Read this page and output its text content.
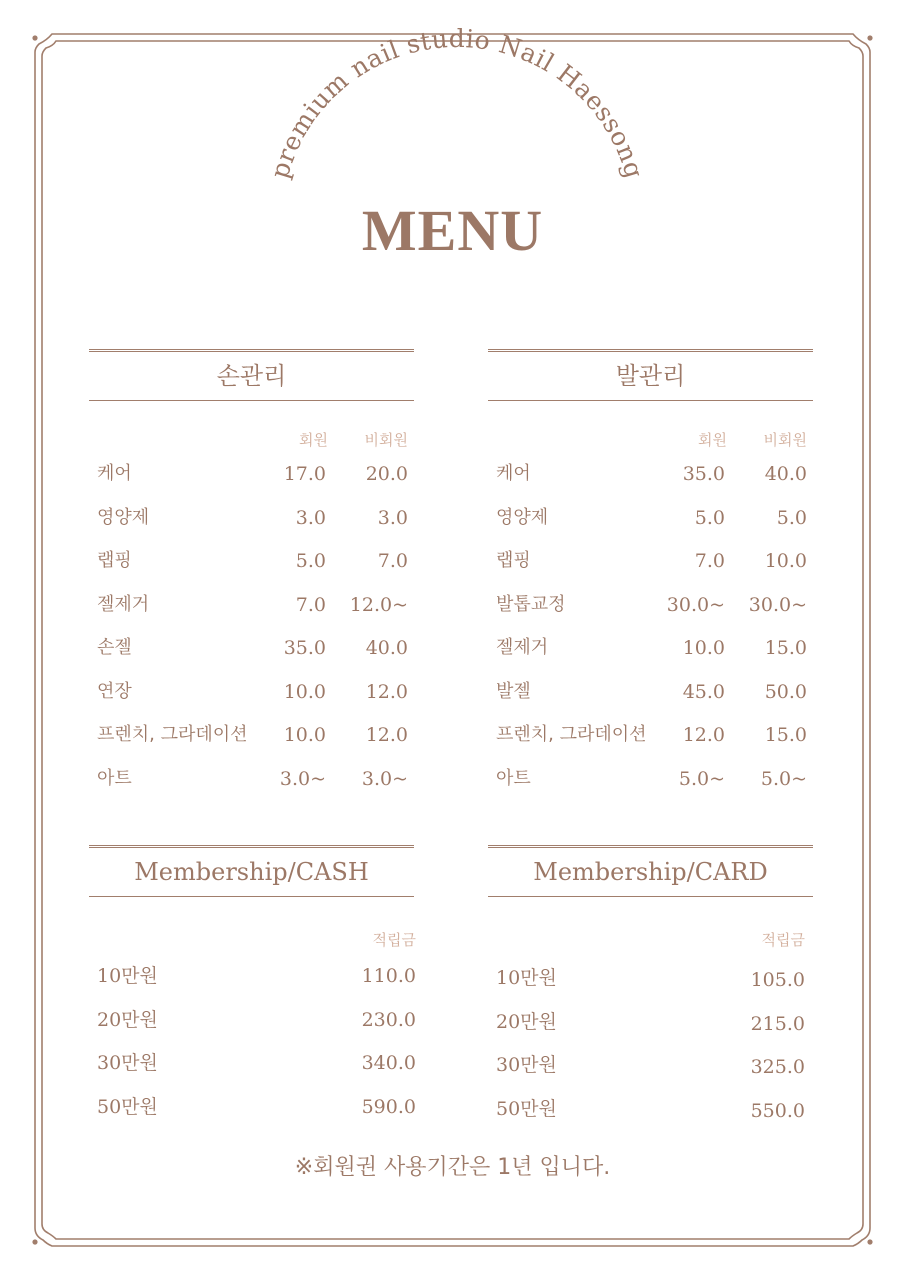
premium nail studio Nail Haessong
MENU
손관리
회원 비회원
케어	17.0 20.0
영양제	3.0	3.0
랩핑	5.0	7.0
젤제거	7.0 12.0~
손젤	35.0 40.0
연장	10.0 12.0
프렌치, 그라데이션 10.0 12.0
아트	3.0~ 3.0~
발관리
회원 비회원
케어	35.0 40.0
영양제	5.0	5.0
랩핑	7.0 10.0
발톱교정	30.0~ 30.0~
젤제거	10.0 15.0
발젤	45.0 50.0
프렌치, 그라데이션 12.0 15.0
아트	5.0~ 5.0~
Membership/CASH
적립금
10만원	110.0
20만원	230.0
30만원	340.0
50만원	590.0
Membership/CARD
적립금
10만원	105.0
20만원	215.0
30만원	325.0
50만원	550.0
※회원권 사용기간은 1년 입니다.
